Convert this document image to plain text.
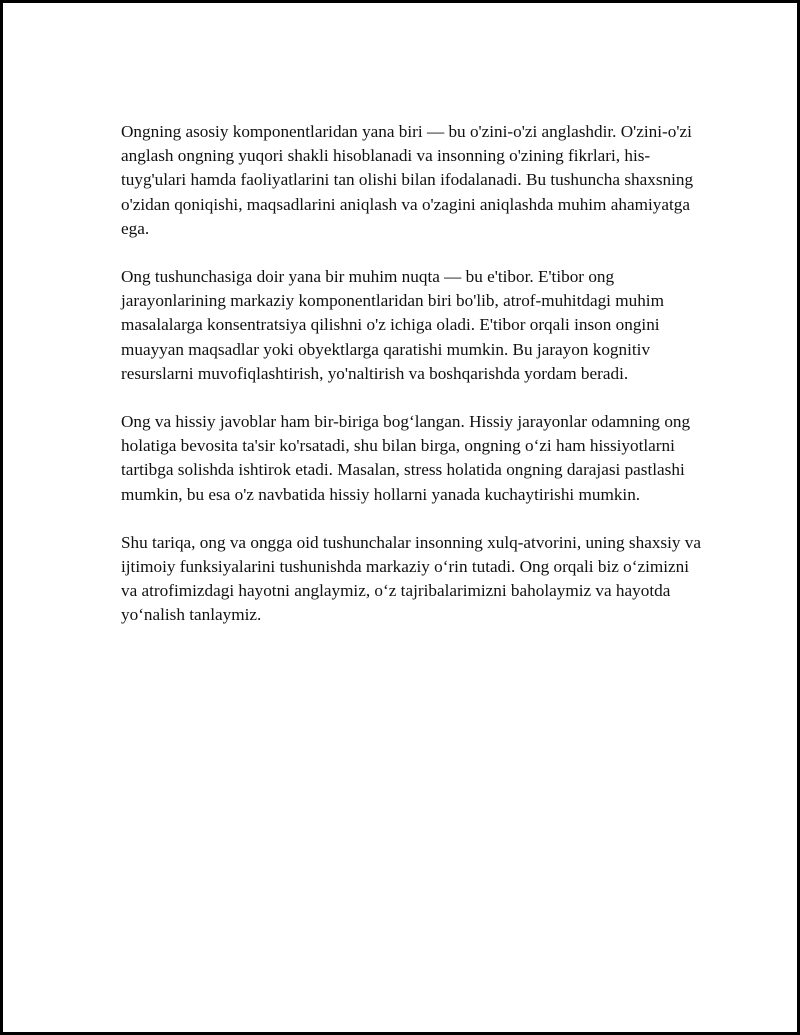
Ongning asosiy komponentlaridan yana biri — bu o'zini-o'zi anglashdir. O'zini-o'zi anglash ongning yuqori shakli hisoblanadi va insonning o'zining fikrlari, his-tuyg'ulari hamda faoliyatlarini tan olishi bilan ifodalanadi. Bu tushuncha shaxsning o'zidan qoniqishi, maqsadlarini aniqlash va o'zagini aniqlashda muhim ahamiyatga ega.

Ong tushunchasiga doir yana bir muhim nuqta — bu e'tibor. E'tibor ong jarayonlarining markaziy komponentlaridan biri bo'lib, atrof-muhitdagi muhim masalalarga konsentratsiya qilishni o'z ichiga oladi. E'tibor orqali inson ongini muayyan maqsadlar yoki obyektlarga qaratishi mumkin. Bu jarayon kognitiv resurslarni muvofiqlashtirish, yo'naltirish va boshqarishda yordam beradi.

Ong va hissiy javoblar ham bir-biriga bog‘langan. Hissiy jarayonlar odamning ong holatiga bevosita ta'sir ko'rsatadi, shu bilan birga, ongning o‘zi ham hissiyotlarni tartibga solishda ishtirok etadi. Masalan, stress holatida ongning darajasi pastlashi mumkin, bu esa o'z navbatida hissiy hollarni yanada kuchaytirishi mumkin.

Shu tariqa, ong va ongga oid tushunchalar insonning xulq-atvorini, uning shaxsiy va ijtimoiy funksiyalarini tushunishda markaziy o‘rin tutadi. Ong orqali biz o‘zimizni va atrofimizdagi hayotni anglaymiz, o‘z tajribalarimizni baholaymiz va hayotda yo‘nalish tanlaymiz.
